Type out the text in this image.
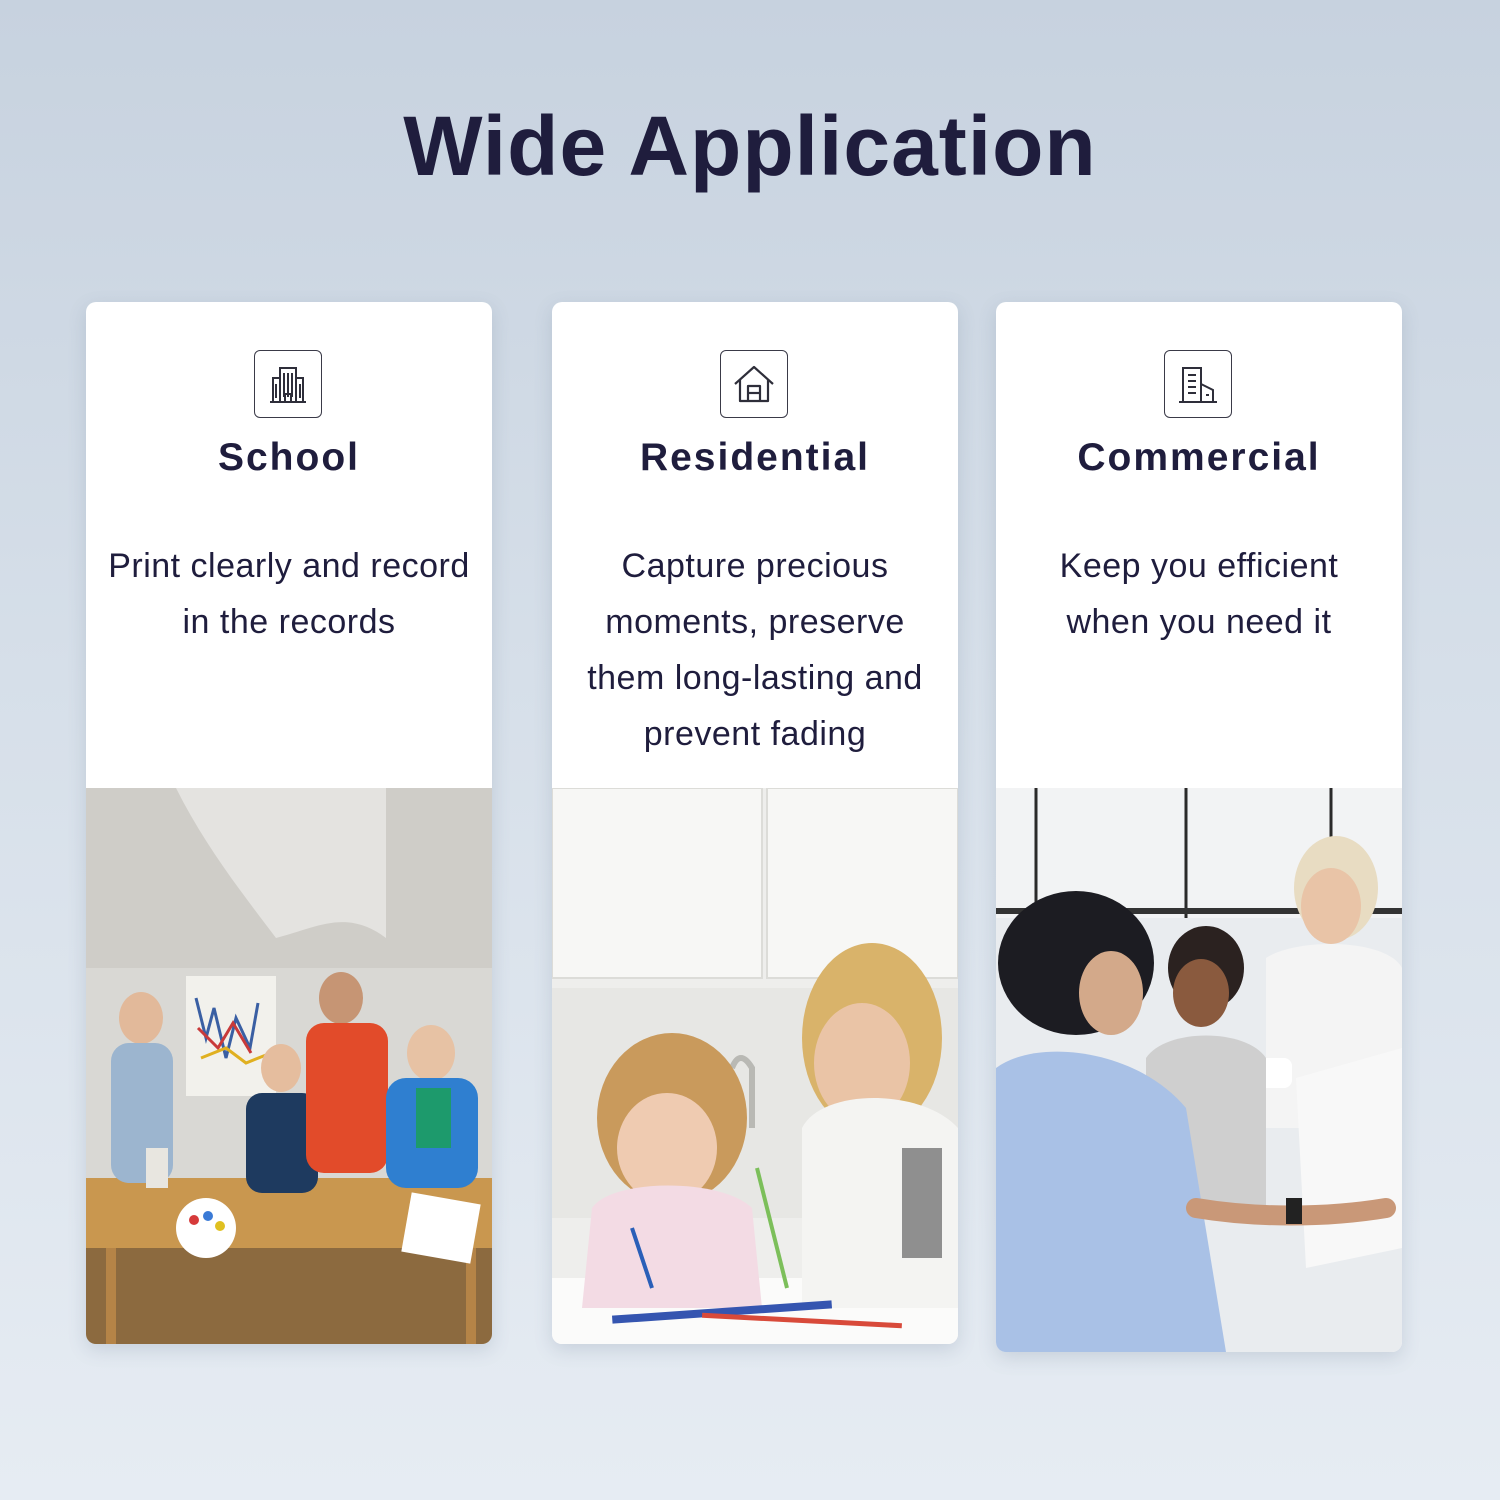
Wide Application
School
Print clearly and record in the records
Residential
Capture precious moments, preserve them long-lasting and prevent fading
Commercial
Keep you efficient when you need it
